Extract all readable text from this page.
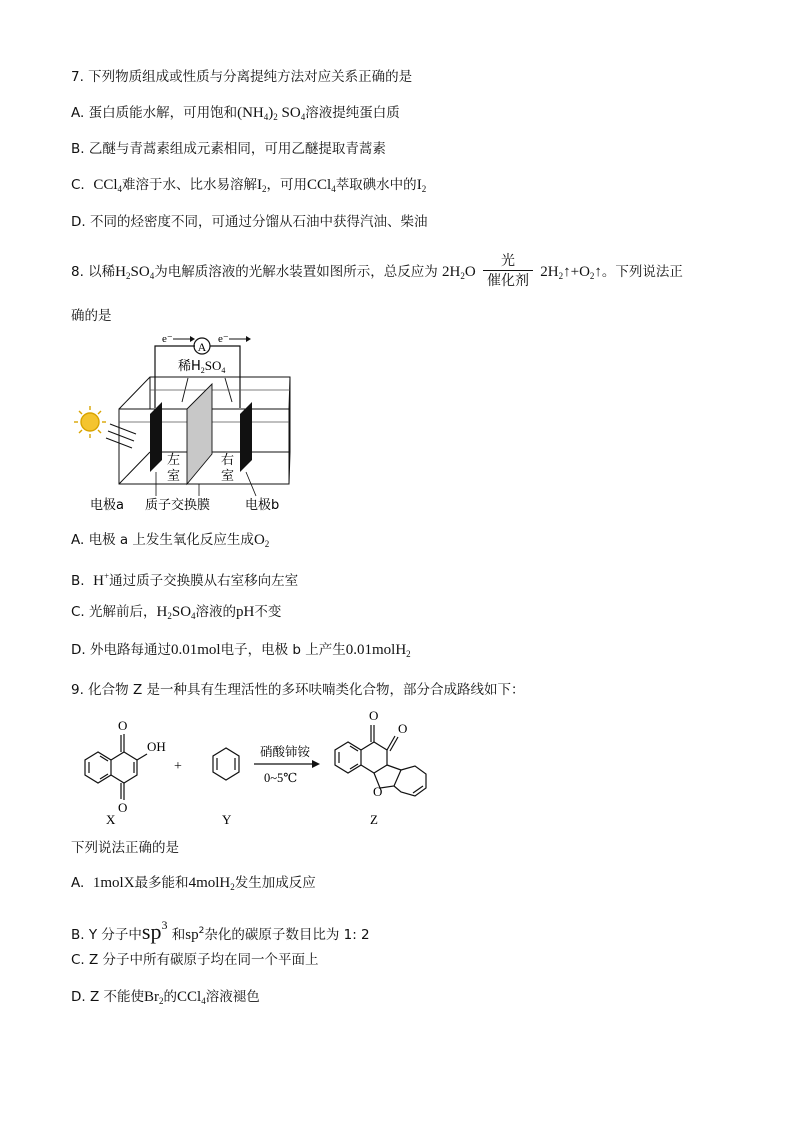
7. 下列物质组成或性质与分离提纯方法对应关系正确的是
A. 蛋白质能水解，可用饱和$(NH_4)_2$ $SO_4$溶液提纯蛋白质
B. 乙醚与青蒿素组成元素相同，可用乙醚提取青蒿素
C. CCl$_4$难溶于水、比水易溶解$I_2$，可用CCl$_4$萃取碘水中的$I_2$
D. 不同的烃密度不同，可通过分馏从石油中获得汽油、柴油
8. 以稀$H_2SO_4$为电解质溶液的光解水装置如图所示，总反应为 $2H_2O \frac{\text{光}}{\text{催化剂}}$ $2H_2↑+O_2↑$。下列说法正
确的是
A
e⁻	e⁻
稀$H_2SO_4$
左
室
右
室
电极a 质子交换膜	电极b
A. 电极 a 上发生氧化反应生成$O_2$
B. H+通过质子交换膜从右室移向左室
C. 光解前后，$H_2SO_4$溶液的pH不变
D. 外电路每通过0.01mol电子，电极 b 上产生0.01molH$_2$
9. 化合物 Z 是一种具有生理活性的多环呋喃类化合物，部分合成路线如下：
OH
O
O
X
+
Y
硝酸铈铵
0~5℃
O
O
O
Z
下列说法正确的是
A. 1molX最多能和4molH$_2$发生加成反应
B. Y 分子中$sp^3$ 和$sp^2$杂化的碳原子数目比为 1: 2
C. Z 分子中所有碳原子均在同一个平面上
D. Z 不能使$Br_2$的CCl$_4$溶液褪色
